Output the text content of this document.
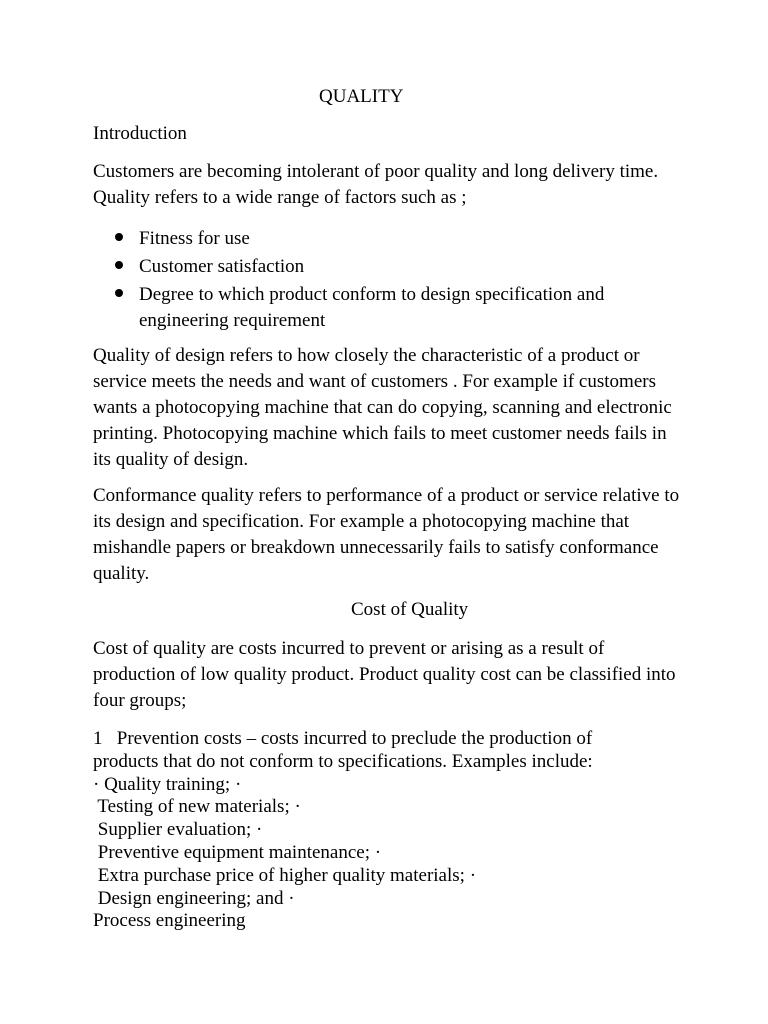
QUALITY

Introduction

Customers are becoming intolerant of poor quality and long delivery time. Quality refers to a wide range of factors such as ;

Fitness for use
Customer satisfaction
Degree to which product conform to design specification and engineering requirement

Quality of design refers to how closely the characteristic of a product or service meets the needs and want of customers . For example if customers wants a photocopying machine that can do copying, scanning and electronic printing. Photocopying machine which fails to meet customer needs fails in its quality of design.

Conformance quality refers to performance of a product or service relative to its design and specification. For example a photocopying machine that mishandle papers or breakdown unnecessarily fails to satisfy conformance quality.

Cost of Quality

Cost of quality are costs incurred to prevent or arising as a result of production of low quality product. Product quality cost can be classified into four groups;

1   Prevention costs – costs incurred to preclude the production of
products that do not conform to specifications. Examples include:
· Quality training; ·
Testing of new materials; ·
Supplier evaluation; ·
Preventive equipment maintenance; ·
Extra purchase price of higher quality materials; ·
Design engineering; and ·
Process engineering
